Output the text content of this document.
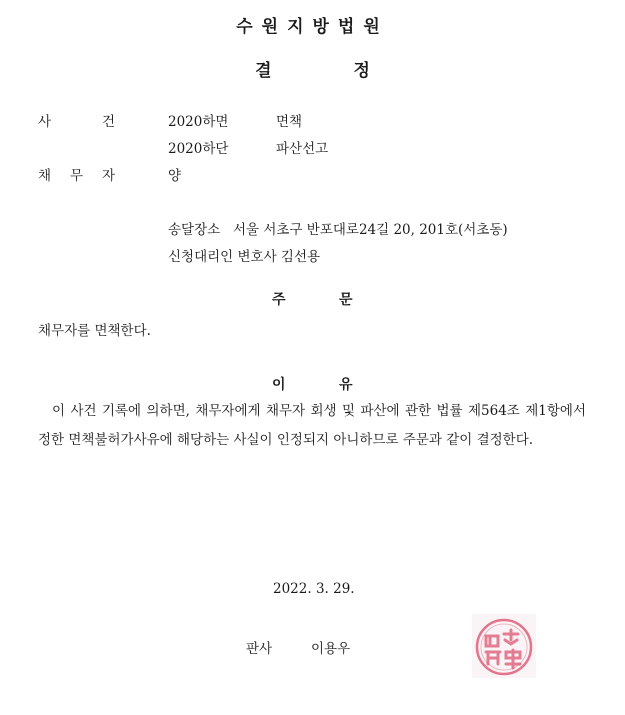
수원지방법원
결정
사	건	2020하면	면책
2020하단	파산선고
채 무 자	양
송달장소 서울 서초구 반포대로24길 20, 201호(서초동)
신청대리인 변호사 김선용
주	문
채무자를 면책한다.
이	유
이 사건 기록에 의하면, 채무자에게 채무자 회생 및 파산에 관한 법률 제564조 제1항에서 정한 면책불허가사유에 해당하는 사실이 인정되지 아니하므로 주문과 같이 결정한다.
2022. 3. 29.
판사	이용우
